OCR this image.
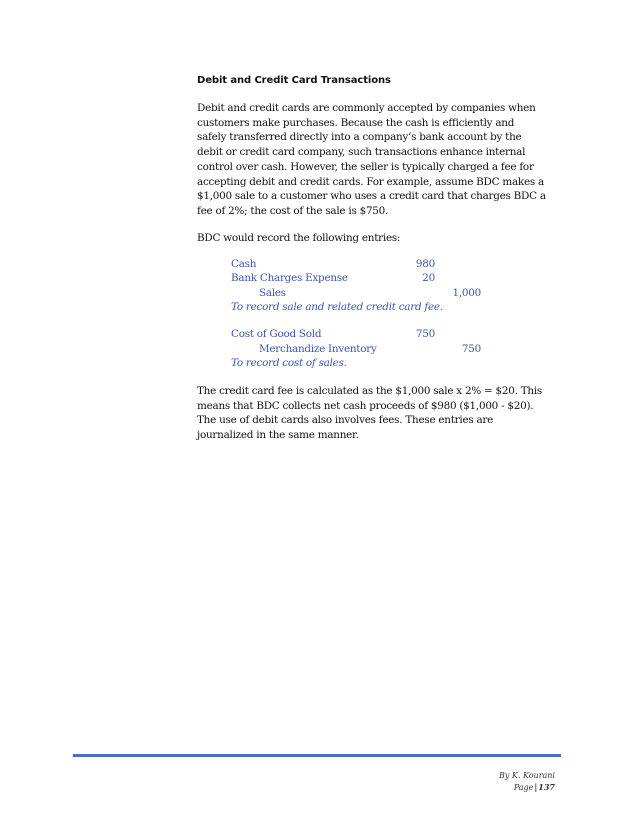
Debit and Credit Card Transactions

Debit and credit cards are commonly accepted by companies when
customers make purchases. Because the cash is efficiently and
safely transferred directly into a company’s bank account by the
debit or credit card company, such transactions enhance internal
control over cash. However, the seller is typically charged a fee for
accepting debit and credit cards. For example, assume BDC makes a
$1,000 sale to a customer who uses a credit card that charges BDC a
fee of 2%; the cost of the sale is $750.

BDC would record the following entries:

Cash	980
Bank Charges Expense	20
Sales	1,000
To record sale and related credit card fee.
Cost of Good Sold	750
Merchandize Inventory	750
To record cost of sales.

The credit card fee is calculated as the $1,000 sale x 2% = $20. This
means that BDC collects net cash proceeds of $980 ($1,000 - $20).
The use of debit cards also involves fees. These entries are
journalized in the same manner.

By K. Kourani
Page|137
